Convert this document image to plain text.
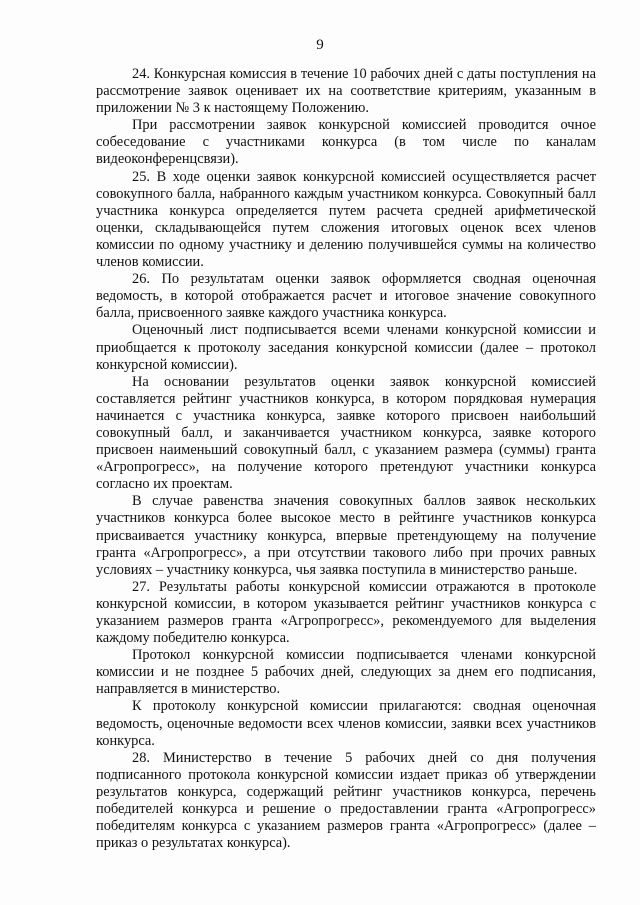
9

24. Конкурсная комиссия в течение 10 рабочих дней с даты поступления на рассмотрение заявок оценивает их на соответствие критериям, указанным в приложении № 3 к настоящему Положению.

При рассмотрении заявок конкурсной комиссией проводится очное собеседование с участниками конкурса (в том числе по каналам видеоконференцсвязи).

25. В ходе оценки заявок конкурсной комиссией осуществляется расчет совокупного балла, набранного каждым участником конкурса. Совокупный балл участника конкурса определяется путем расчета средней арифметической оценки, складывающейся путем сложения итоговых оценок всех членов комиссии по одному участнику и делению получившейся суммы на количество членов комиссии.

26. По результатам оценки заявок оформляется сводная оценочная ведомость, в которой отображается расчет и итоговое значение совокупного балла, присвоенного заявке каждого участника конкурса.

Оценочный лист подписывается всеми членами конкурсной комиссии и приобщается к протоколу заседания конкурсной комиссии (далее – протокол конкурсной комиссии).

На основании результатов оценки заявок конкурсной комиссией составляется рейтинг участников конкурса, в котором порядковая нумерация начинается с участника конкурса, заявке которого присвоен наибольший совокупный балл, и заканчивается участником конкурса, заявке которого присвоен наименьший совокупный балл, с указанием размера (суммы) гранта «Агропрогресс», на получение которого претендуют участники конкурса согласно их проектам.

В случае равенства значения совокупных баллов заявок нескольких участников конкурса более высокое место в рейтинге участников конкурса присваивается участнику конкурса, впервые претендующему на получение гранта «Агропрогресс», а при отсутствии такового либо при прочих равных условиях – участнику конкурса, чья заявка поступила в министерство раньше.

27. Результаты работы конкурсной комиссии отражаются в протоколе конкурсной комиссии, в котором указывается рейтинг участников конкурса с указанием размеров гранта «Агропрогресс», рекомендуемого для выделения каждому победителю конкурса.

Протокол конкурсной комиссии подписывается членами конкурсной комиссии и не позднее 5 рабочих дней, следующих за днем его подписания, направляется в министерство.

К протоколу конкурсной комиссии прилагаются: сводная оценочная ведомость, оценочные ведомости всех членов комиссии, заявки всех участников конкурса.

28. Министерство в течение 5 рабочих дней со дня получения подписанного протокола конкурсной комиссии издает приказ об утверждении результатов конкурса, содержащий рейтинг участников конкурса, перечень победителей конкурса и решение о предоставлении гранта «Агропрогресс» победителям конкурса с указанием размеров гранта «Агропрогресс» (далее – приказ о результатах конкурса).
